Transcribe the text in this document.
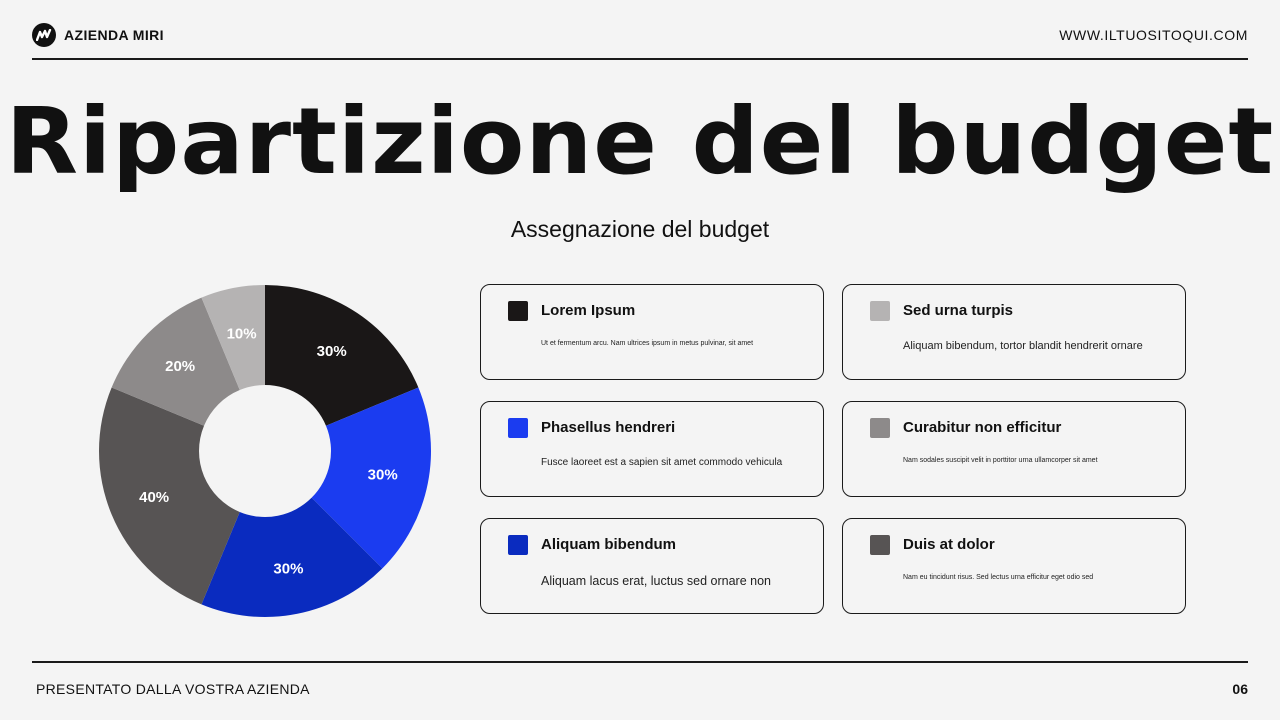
AZIENDA MIRI	WWW.ILTUOSITOQUI.COM
Ripartizione del budget
Assegnazione del budget
30%
30%
30%
40%
20%
10%
Lorem Ipsum
Ut et fermentum arcu. Nam ultrices ipsum in metus pulvinar, sit amet
Sed urna turpis
Aliquam bibendum, tortor blandit hendrerit ornare
Phasellus hendreri
Fusce laoreet est a sapien sit amet commodo vehicula
Curabitur non efficitur
Nam sodales suscipit velit in porttitor urna ullamcorper sit amet
Aliquam bibendum
Aliquam lacus erat, luctus sed ornare non
Duis at dolor
Nam eu tincidunt risus. Sed lectus urna efficitur eget odio sed
PRESENTATO DALLA VOSTRA AZIENDA	06
